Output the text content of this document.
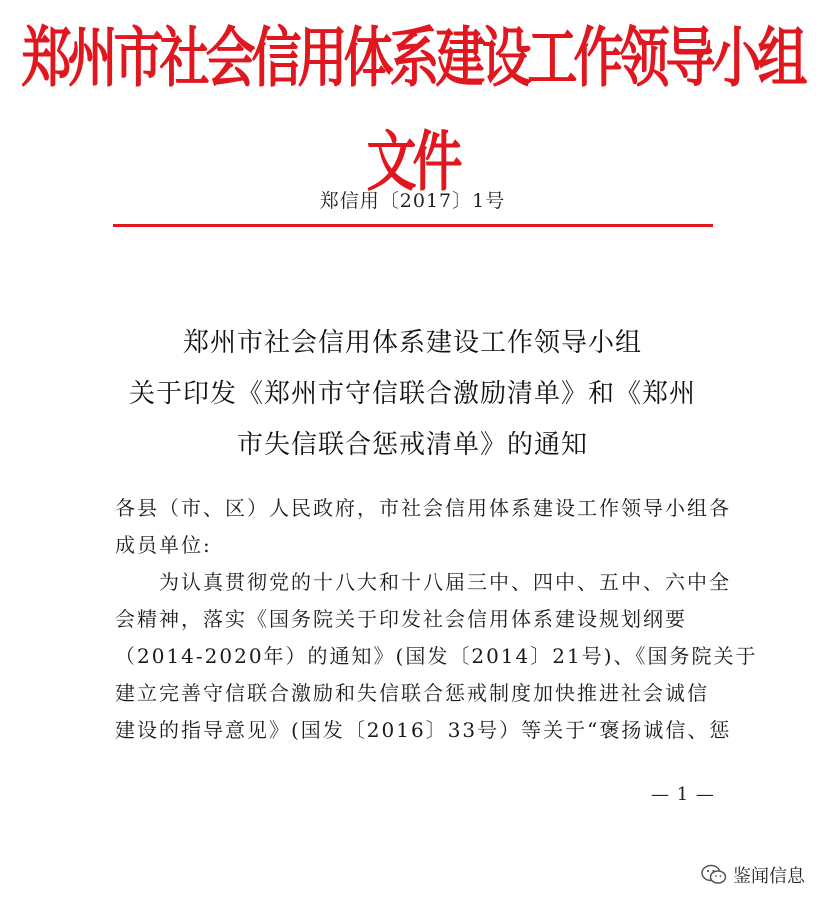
郑州市社会信用体系建设工作领导小组文件
郑信用〔2017〕1号
郑州市社会信用体系建设工作领导小组
关于印发《郑州市守信联合激励清单》和《郑州
市失信联合惩戒清单》的通知
各县（市、区）人民政府，市社会信用体系建设工作领导小组各
成员单位:
　　为认真贯彻党的十八大和十八届三中、四中、五中、六中全
会精神，落实《国务院关于印发社会信用体系建设规划纲要
（2014-2020年）的通知》(国发〔2014〕21号)、《国务院关于
建立完善守信联合激励和失信联合惩戒制度加快推进社会诚信
建设的指导意见》(国发〔2016〕33号）等关于“褒扬诚信、惩
— 1 —
鉴闻信息
